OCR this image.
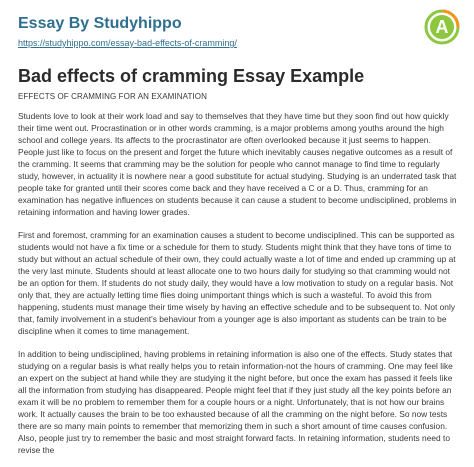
Essay By Studyhippo
https://studyhippo.com/essay-bad-effects-of-cramming/
A
Bad effects of cramming Essay Example
EFFECTS OF CRAMMING FOR AN EXAMINATION

Students love to look at their work load and say to themselves that they have time but they soon find out how quickly their time went out. Procrastination or in other words cramming, is a major problems among youths around the high school and college years. Its affects to the procrastinator are often overlooked because it just seems to happen. People just like to focus on the present and forget the future which inevitably causes negative outcomes as a result of the cramming. It seems that cramming may be the solution for people who cannot manage to find time to regularly study, however, in actuality it is nowhere near a good substitute for actual studying. Studying is an underrated task that people take for granted until their scores come back and they have received a C or a D. Thus, cramming for an examination has negative influences on students because it can cause a student to become undisciplined, problems in retaining information and having lower grades.

First and foremost, cramming for an examination causes a student to become undisciplined. This can be supported as students would not have a fix time or a schedule for them to study. Students might think that they have tons of time to study but without an actual schedule of their own, they could actually waste a lot of time and ended up cramming up at the very last minute. Students should at least allocate one to two hours daily for studying so that cramming would not be an option for them. If students do not study daily, they would have a low motivation to study on a regular basis. Not only that, they are actually letting time flies doing unimportant things which is such a wasteful. To avoid this from happening, students must manage their time wisely by having an effective schedule and to be subsequent to. Not only that, family involvement in a student's behaviour from a younger age is also important as students can be train to be discipline when it comes to time management.

In addition to being undisciplined, having problems in retaining information is also one of the effects. Study states that studying on a regular basis is what really helps you to retain information-not the hours of cramming. One may feel like an expert on the subject at hand while they are studying it the night before, but once the exam has passed it feels like all the information from studying has disappeared. People might feel that if they just study all the key points before an exam it will be no problem to remember them for a couple hours or a night. Unfortunately, that is not how our brains work. It actually causes the brain to be too exhausted because of all the cramming on the night before. So now tests there are so many main points to remember that memorizing them in such a short amount of time causes confusion. Also, people just try to remember the basic and most straight forward facts. In retaining information, students need to revise the
